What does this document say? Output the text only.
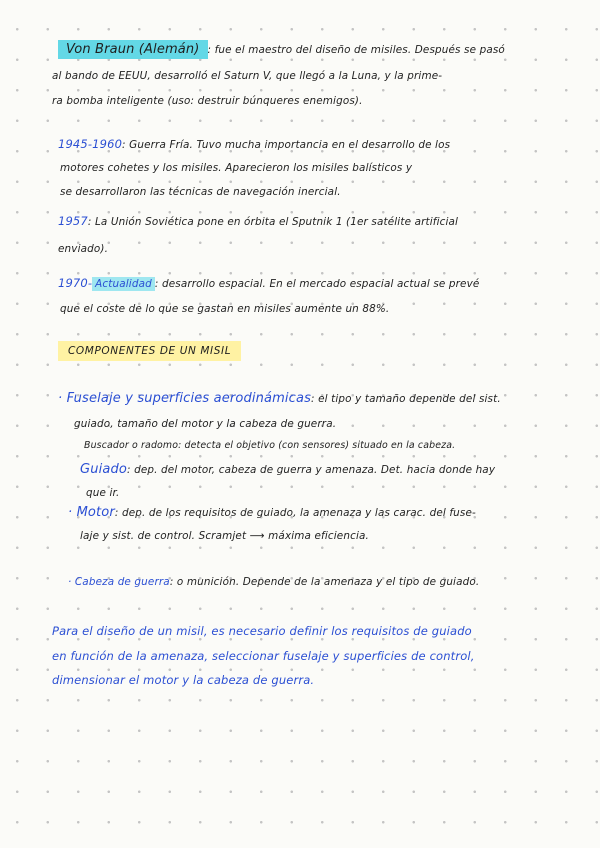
Von Braun (Alemán) : fue el maestro del diseño de misiles. Después se pasó
al bando de EEUU, desarrolló el Saturn V, que llegó a la Luna, y la prime-
ra bomba inteligente (uso: destruir búnqueres enemigos).
1945-1960: Guerra Fría. Tuvo mucha importancia en el desarrollo de los
motores cohetes y los misiles. Aparecieron los misiles balísticos y
se desarrollaron las técnicas de navegación inercial.
1957: La Unión Soviética pone en órbita el Sputnik 1 (1er satélite artificial
enviado).
1970- Actualidad : desarrollo espacial. En el mercado espacial actual se prevé
que el coste de lo que se gastan en misiles aumente un 88%.
COMPONENTES DE UN MISIL
· Fuselaje y superficies aerodinámicas: el tipo y tamaño depende del sist.
guiado, tamaño del motor y la cabeza de guerra.
Buscador o radomo: detecta el objetivo (con sensores) situado en la cabeza.
Guiado: dep. del motor, cabeza de guerra y amenaza. Det. hacia donde hay
que ir.
· Motor: dep. de los requisitos de guiado, la amenaza y las carac. del fuse-
laje y sist. de control. Scramjet ⟶ máxima eficiencia.
· Cabeza de guerra: o munición. Depende de la amenaza y el tipo de guiado.
Para el diseño de un misil, es necesario definir los requisitos de guiado
en función de la amenaza, seleccionar fuselaje y superficies de control,
dimensionar el motor y la cabeza de guerra.
